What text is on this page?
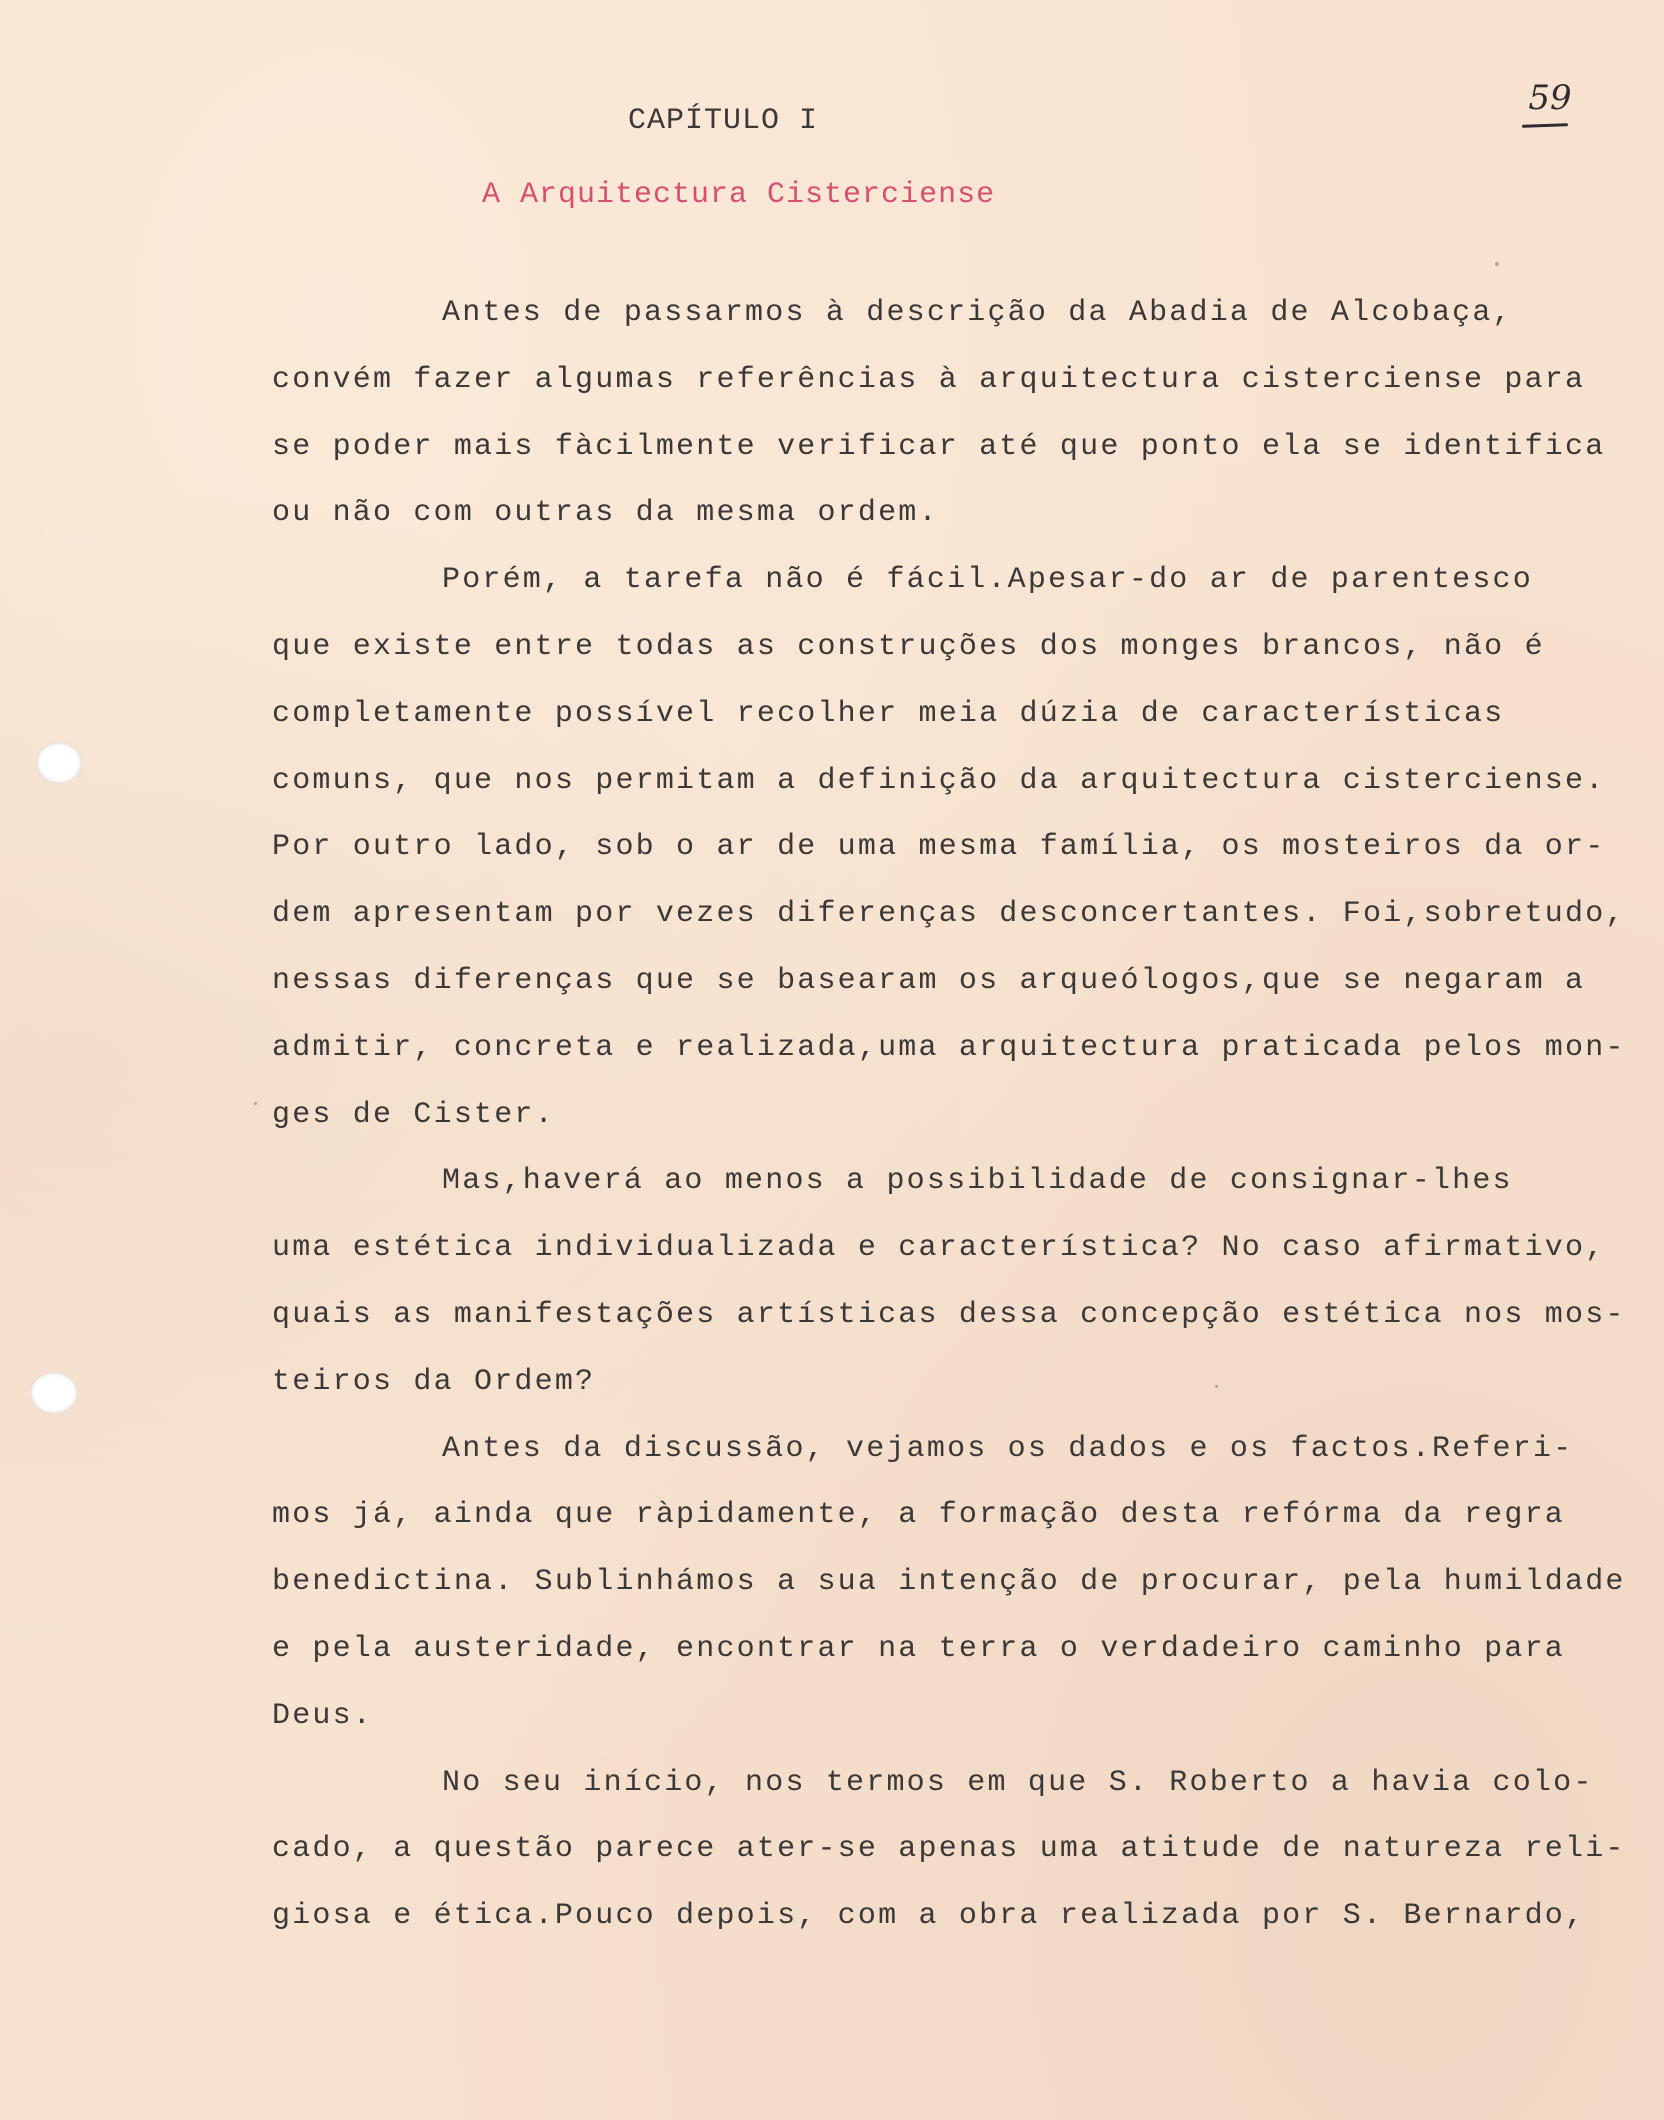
59
CAPÍTULO I
A Arquitectura Cisterciense
Antes de passarmos à descrição da Abadia de Alcobaça,
convém fazer algumas referências à arquitectura cisterciense para
se poder mais fàcilmente verificar até que ponto ela se identifica
ou não com outras da mesma ordem.
Porém, a tarefa não é fácil.Apesar-do ar de parentesco
que existe entre todas as construções dos monges brancos, não é
completamente possível recolher meia dúzia de características
comuns, que nos permitam a definição da arquitectura cisterciense.
Por outro lado, sob o ar de uma mesma família, os mosteiros da or-
dem apresentam por vezes diferenças desconcertantes. Foi,sobretudo,
nessas diferenças que se basearam os arqueólogos,que se negaram a
admitir, concreta e realizada,uma arquitectura praticada pelos mon-
ges de Cister.
Mas,haverá ao menos a possibilidade de consignar-lhes
uma estética individualizada e característica? No caso afirmativo,
quais as manifestações artísticas dessa concepção estética nos mos-
teiros da Ordem?
Antes da discussão, vejamos os dados e os factos.Referi-
mos já, ainda que ràpidamente, a formação desta refórma da regra
benedictina. Sublinhámos a sua intenção de procurar, pela humildade
e pela austeridade, encontrar na terra o verdadeiro caminho para
Deus.
No seu início, nos termos em que S. Roberto a havia colo-
cado, a questão parece ater-se apenas uma atitude de natureza reli-
giosa e ética.Pouco depois, com a obra realizada por S. Bernardo,
